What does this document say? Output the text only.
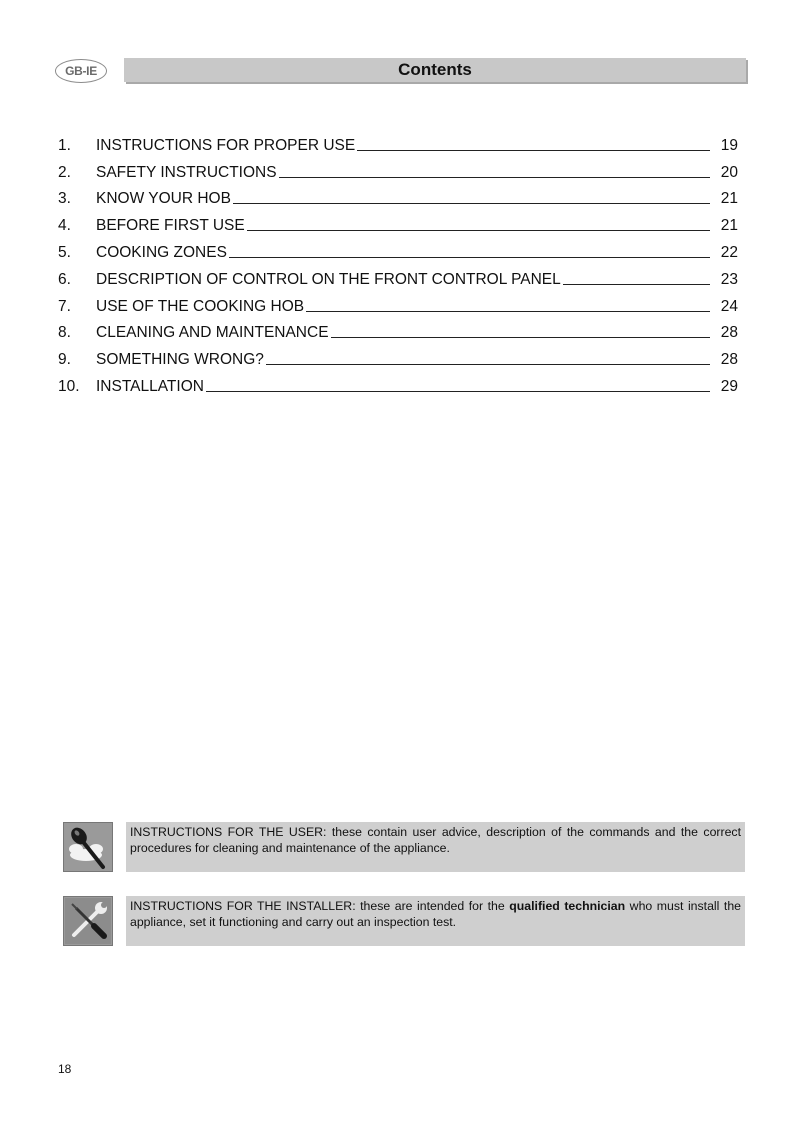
GB-IE	Contents
1.	INSTRUCTIONS FOR PROPER USE	19
2.	SAFETY INSTRUCTIONS	20
3.	KNOW YOUR HOB	21
4.	BEFORE FIRST USE	21
5.	COOKING ZONES	22
6.	DESCRIPTION OF CONTROL ON THE FRONT CONTROL PANEL	23
7.	USE OF THE COOKING HOB	24
8.	CLEANING AND MAINTENANCE	28
9.	SOMETHING WRONG?	28
10.	INSTALLATION	29
INSTRUCTIONS FOR THE USER: these contain user advice, description of the commands and the correct procedures for cleaning and maintenance of the appliance.
INSTRUCTIONS FOR THE INSTALLER: these are intended for the qualified technician who must install the appliance, set it functioning and carry out an inspection test.
18
